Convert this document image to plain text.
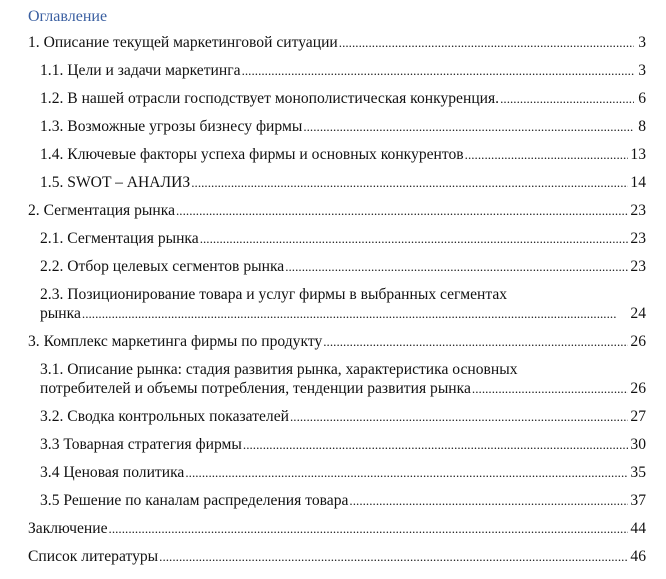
Оглавление
1. Описание текущей маркетинговой ситуации . . .	3
1.1. Цели и задачи маркетинга . . .	3
1.2. В нашей отрасли господствует монополистическая конкуренция. . . .	6
1.3. Возможные угрозы бизнесу фирмы . . .	8
1.4. Ключевые факторы успеха фирмы и основных конкурентов . . .	13
1.5. SWOT – АНАЛИЗ . . .	14
2. Сегментация рынка . . .	23
2.1. Сегментация рынка . . .	23
2.2. Отбор целевых сегментов рынка . . .	23
2.3. Позиционирование товара и услуг фирмы в выбранных сегментах
рынка . . .	24
3. Комплекс маркетинга фирмы по продукту . . .	26
3.1. Описание рынка: стадия развития рынка, характеристика основных
потребителей и объемы потребления, тенденции развития рынка . . .	26
3.2. Сводка контрольных показателей . . .	27
3.3 Товарная стратегия фирмы . . .	30
3.4 Ценовая политика . . .	35
3.5 Решение по каналам распределения товара . . .	37
Заключение . . .	44
Список литературы . . .	46
